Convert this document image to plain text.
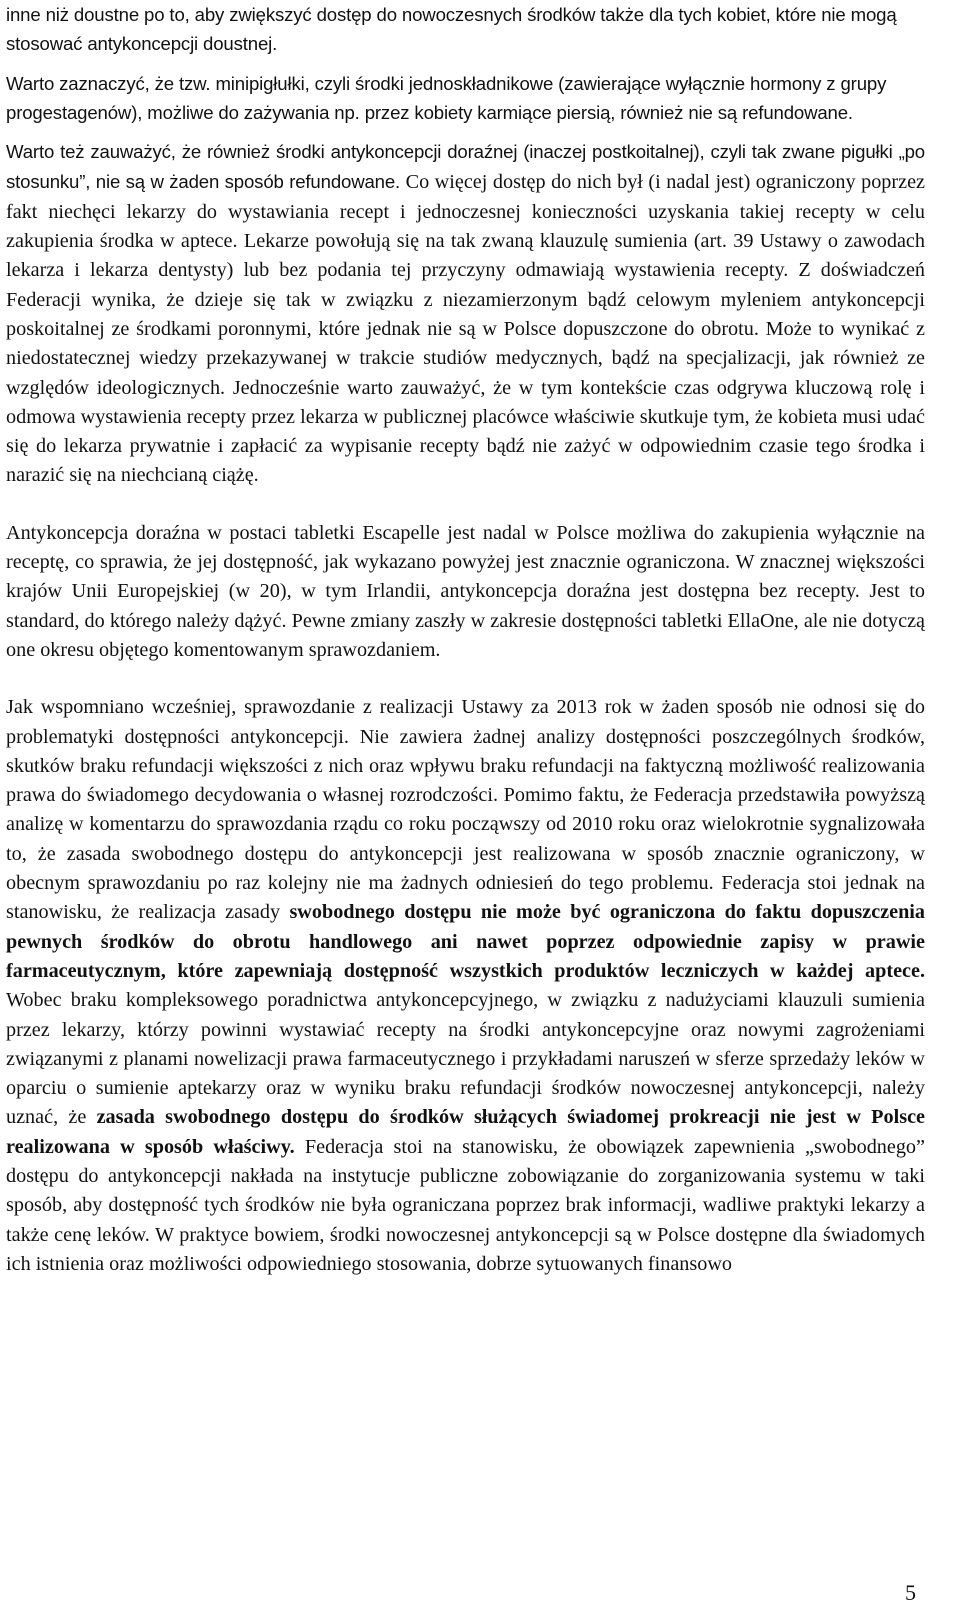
inne niż doustne po to, aby zwiększyć dostęp do nowoczesnych środków także dla tych kobiet, które nie mogą stosować antykoncepcji doustnej.

Warto zaznaczyć, że tzw. minipigłułki, czyli środki jednoskładnikowe (zawierające wyłącznie hormony z grupy progestagenów), możliwe do zażywania np. przez kobiety karmiące piersią, również nie są refundowane.

Warto też zauważyć, że również środki antykoncepcji doraźnej (inaczej postkoitalnej), czyli tak zwane pigułki „po stosunku”, nie są w żaden sposób refundowane. Co więcej dostęp do nich był (i nadal jest) ograniczony poprzez fakt niechęci lekarzy do wystawiania recept i jednoczesnej konieczności uzyskania takiej recepty w celu zakupienia środka w aptece. Lekarze powołują się na tak zwaną klauzulę sumienia (art. 39 Ustawy o zawodach lekarza i lekarza dentysty) lub bez podania tej przyczyny odmawiają wystawienia recepty. Z doświadczeń Federacji wynika, że dzieje się tak w związku z niezamierzonym bądź celowym myleniem antykoncepcji poskoitalnej ze środkami poronnymi, które jednak nie są w Polsce dopuszczone do obrotu. Może to wynikać z niedostatecznej wiedzy przekazywanej w trakcie studiów medycznych, bądź na specjalizacji, jak również ze względów ideologicznych. Jednocześnie warto zauważyć, że w tym kontekście czas odgrywa kluczową rolę i odmowa wystawienia recepty przez lekarza w publicznej placówce właściwie skutkuje tym, że kobieta musi udać się do lekarza prywatnie i zapłacić za wypisanie recepty bądź nie zażyć w odpowiednim czasie tego środka i narazić się na niechcianą ciążę.

Antykoncepcja doraźna w postaci tabletki Escapelle jest nadal w Polsce możliwa do zakupienia wyłącznie na receptę, co sprawia, że jej dostępność, jak wykazano powyżej jest znacznie ograniczona. W znacznej większości krajów Unii Europejskiej (w 20), w tym Irlandii, antykoncepcja doraźna jest dostępna bez recepty. Jest to standard, do którego należy dążyć. Pewne zmiany zaszły w zakresie dostępności tabletki EllaOne, ale nie dotyczą one okresu objętego komentowanym sprawozdaniem.

Jak wspomniano wcześniej, sprawozdanie z realizacji Ustawy za 2013 rok w żaden sposób nie odnosi się do problematyki dostępności antykoncepcji. Nie zawiera żadnej analizy dostępności poszczególnych środków, skutków braku refundacji większości z nich oraz wpływu braku refundacji na faktyczną możliwość realizowania prawa do świadomego decydowania o własnej rozrodczości. Pomimo faktu, że Federacja przedstawiła powyższą analizę w komentarzu do sprawozdania rządu co roku począwszy od 2010 roku oraz wielokrotnie sygnalizowała to, że zasada swobodnego dostępu do antykoncepcji jest realizowana w sposób znacznie ograniczony, w obecnym sprawozdaniu po raz kolejny nie ma żadnych odniesień do tego problemu. Federacja stoi jednak na stanowisku, że realizacja zasady swobodnego dostępu nie może być ograniczona do faktu dopuszczenia pewnych środków do obrotu handlowego ani nawet poprzez odpowiednie zapisy w prawie farmaceutycznym, które zapewniają dostępność wszystkich produktów leczniczych w każdej aptece. Wobec braku kompleksowego poradnictwa antykoncepcyjnego, w związku z nadużyciami klauzuli sumienia przez lekarzy, którzy powinni wystawiać recepty na środki antykoncepcyjne oraz nowymi zagrożeniami związanymi z planami nowelizacji prawa farmaceutycznego i przykładami naruszeń w sferze sprzedaży leków w oparciu o sumienie aptekarzy oraz w wyniku braku refundacji środków nowoczesnej antykoncepcji, należy uznać, że zasada swobodnego dostępu do środków służących świadomej prokreacji nie jest w Polsce realizowana w sposób właściwy. Federacja stoi na stanowisku, że obowiązek zapewnienia „swobodnego” dostępu do antykoncepcji nakłada na instytucje publiczne zobowiązanie do zorganizowania systemu w taki sposób, aby dostępność tych środków nie była ograniczana poprzez brak informacji, wadliwe praktyki lekarzy a także cenę leków. W praktyce bowiem, środki nowoczesnej antykoncepcji są w Polsce dostępne dla świadomych ich istnienia oraz możliwości odpowiedniego stosowania, dobrze sytuowanych finansowo

5
